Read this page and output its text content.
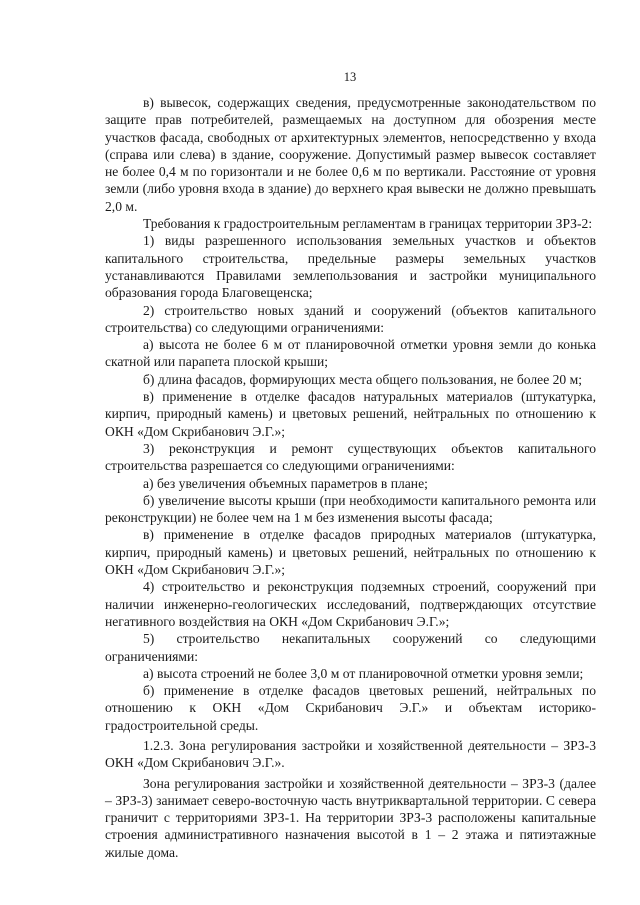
13

в) вывесок, содержащих сведения, предусмотренные законодательством по защите прав потребителей, размещаемых на доступном для обозрения месте участков фасада, свободных от архитектурных элементов, непосредственно у входа (справа или слева) в здание, сооружение. Допустимый размер вывесок составляет не более 0,4 м по горизонтали и не более 0,6 м по вертикали. Расстояние от уровня земли (либо уровня входа в здание) до верхнего края вывески не должно превышать 2,0 м.

Требования к градостроительным регламентам в границах территории ЗРЗ-2:

1) виды разрешенного использования земельных участков и объектов капитального строительства, предельные размеры земельных участков устанавливаются Правилами землепользования и застройки муниципального образования города Благовещенска;

2) строительство новых зданий и сооружений (объектов капитального строительства) со следующими ограничениями:

а) высота не более 6 м от планировочной отметки уровня земли до конька скатной или парапета плоской крыши;

б) длина фасадов, формирующих места общего пользования, не более 20 м;

в) применение в отделке фасадов натуральных материалов (штукатурка, кирпич, природный камень) и цветовых решений, нейтральных по отношению к ОКН «Дом Скрибанович Э.Г.»;

3) реконструкция и ремонт существующих объектов капитального строительства разрешается со следующими ограничениями:

а) без увеличения объемных параметров в плане;

б) увеличение высоты крыши (при необходимости капитального ремонта или реконструкции) не более чем на 1 м без изменения высоты фасада;

в) применение в отделке фасадов природных материалов (штукатурка, кирпич, природный камень) и цветовых решений, нейтральных по отношению к ОКН «Дом Скрибанович Э.Г.»;

4) строительство и реконструкция подземных строений, сооружений при наличии инженерно-геологических исследований, подтверждающих отсутствие негативного воздействия на ОКН «Дом Скрибанович Э.Г.»;

5) строительство некапитальных сооружений со следующими ограничениями:

а) высота строений не более 3,0 м от планировочной отметки уровня земли;

б) применение в отделке фасадов цветовых решений, нейтральных по отношению к ОКН «Дом Скрибанович Э.Г.» и объектам историко-градостроительной среды.

1.2.3. Зона регулирования застройки и хозяйственной деятельности – ЗРЗ-3 ОКН «Дом Скрибанович Э.Г.».

Зона регулирования застройки и хозяйственной деятельности – ЗРЗ-3 (далее – ЗРЗ-3) занимает северо-восточную часть внутриквартальной территории. С севера граничит с территориями ЗРЗ-1. На территории ЗРЗ-3 расположены капитальные строения административного назначения высотой в 1 – 2 этажа и пятиэтажные жилые дома.
